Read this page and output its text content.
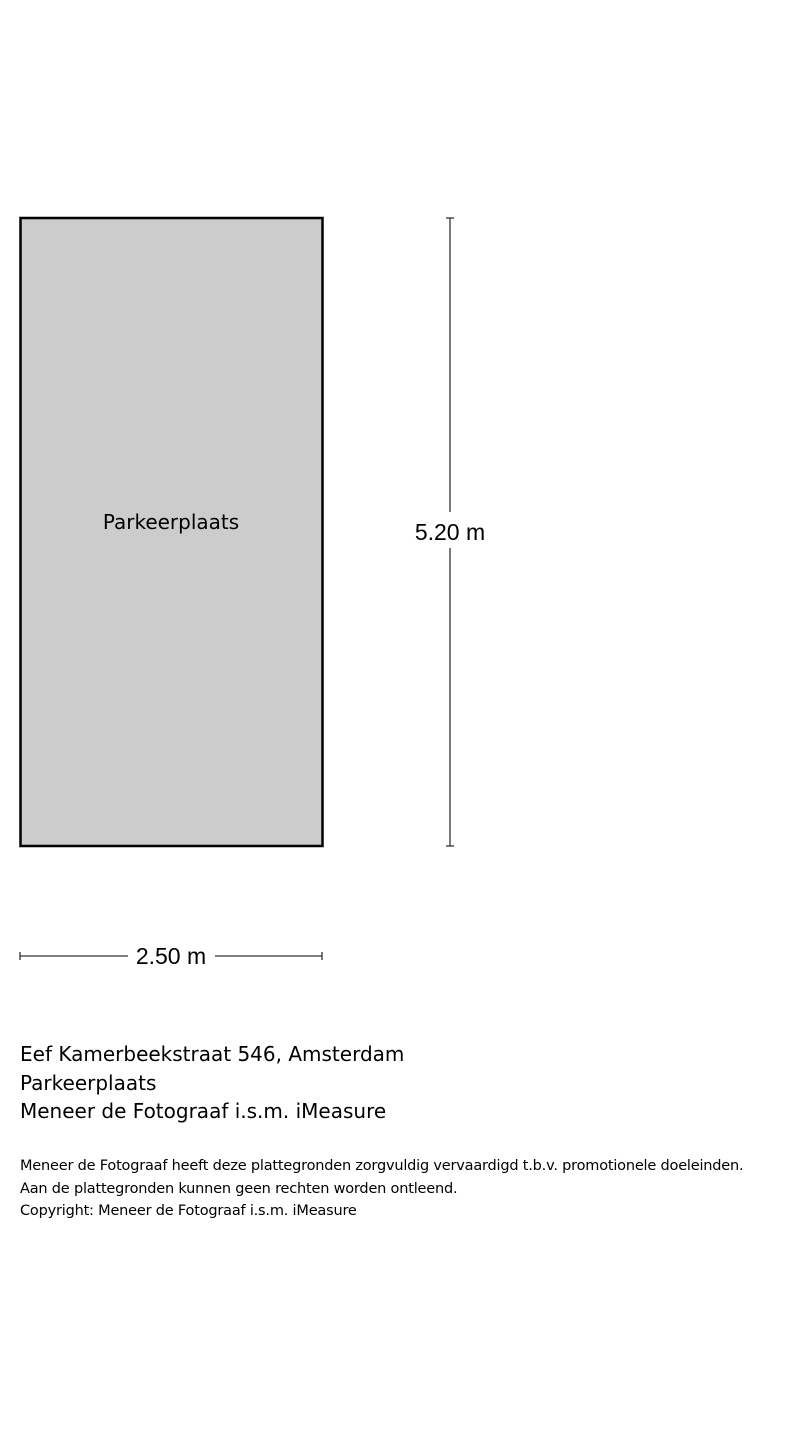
Parkeerplaats	5.20 m
2.50 m
Eef Kamerbeekstraat 546, Amsterdam
Parkeerplaats
Meneer de Fotograaf i.s.m. iMeasure
Meneer de Fotograaf heeft deze plattegronden zorgvuldig vervaardigd t.b.v. promotionele doeleinden.
Aan de plattegronden kunnen geen rechten worden ontleend.
Copyright: Meneer de Fotograaf i.s.m. iMeasure
